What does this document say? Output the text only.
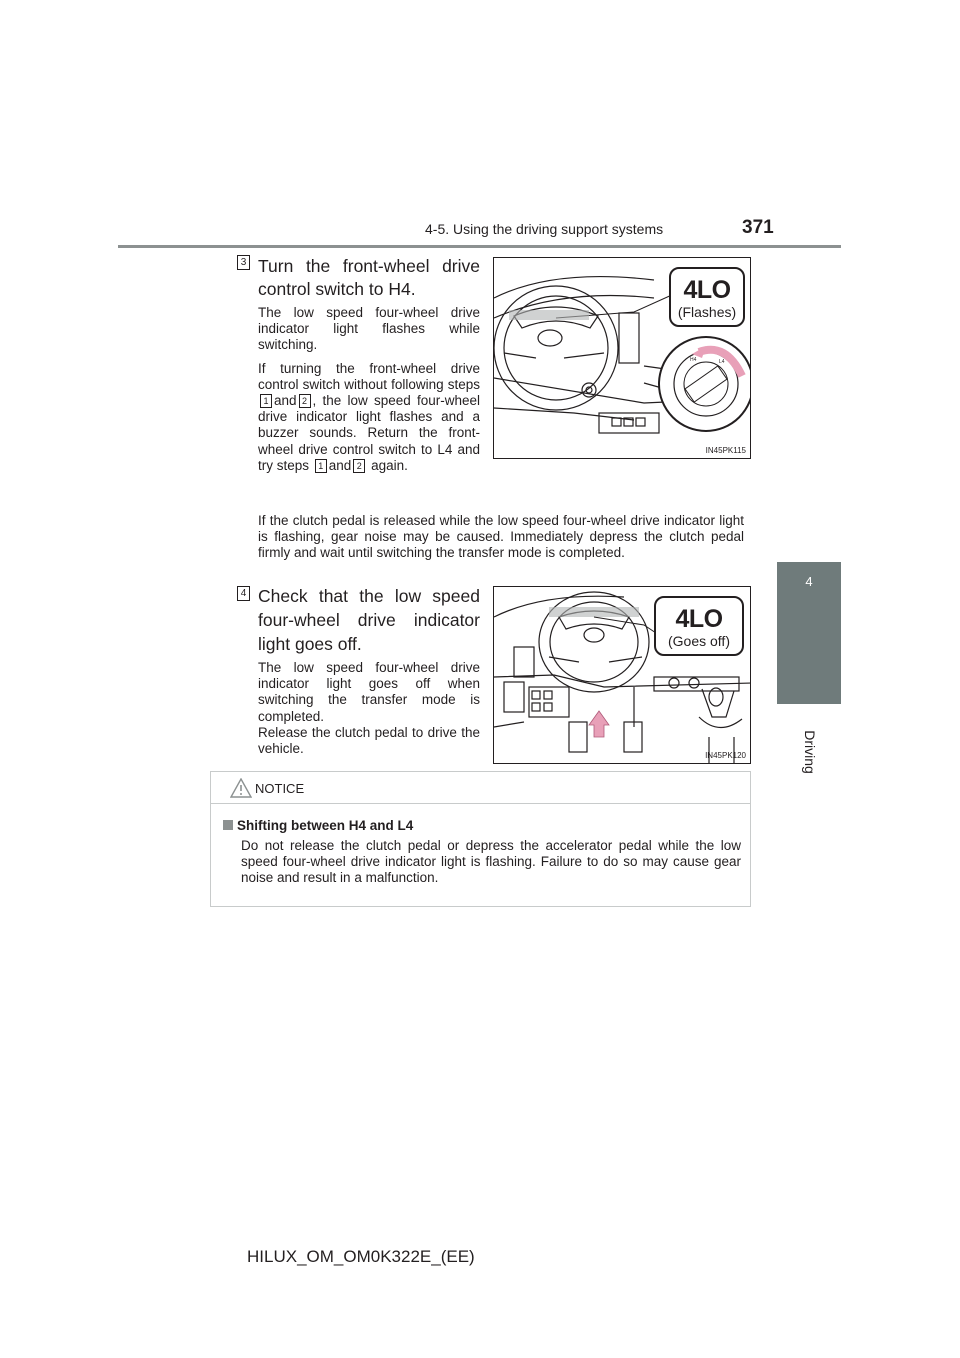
4-5. Using the driving support systems	371
4
Driving
3 Turn the front-wheel drive
control switch to H4.

The low speed four-wheel drive indicator light flashes while switching.

If turning the front-wheel drive control switch without following steps 1 and 2 , the low speed four-wheel drive indicator light flashes and a buzzer sounds. Return the front-wheel drive control switch to L4 and try steps 1 and 2 again.

If the clutch pedal is released while the low speed four-wheel drive indicator light is flashing, gear noise may be caused. Immediately depress the clutch pedal firmly and wait until switching the transfer mode is completed.
H4	L4
4LO
(Flashes)
IN45PK115
4 Check that the low speed
four-wheel drive indicator
light goes off.
The low speed four-wheel drive indicator light goes off when switching the transfer mode is completed.
Release the clutch pedal to drive the vehicle.
4LO
(Goes off)
IN45PK120
NOTICE
Shifting between H4 and L4
Do not release the clutch pedal or depress the accelerator pedal while the low speed four-wheel drive indicator light is flashing. Failure to do so may cause gear noise and result in a malfunction.
HILUX_OM_OM0K322E_(EE)
